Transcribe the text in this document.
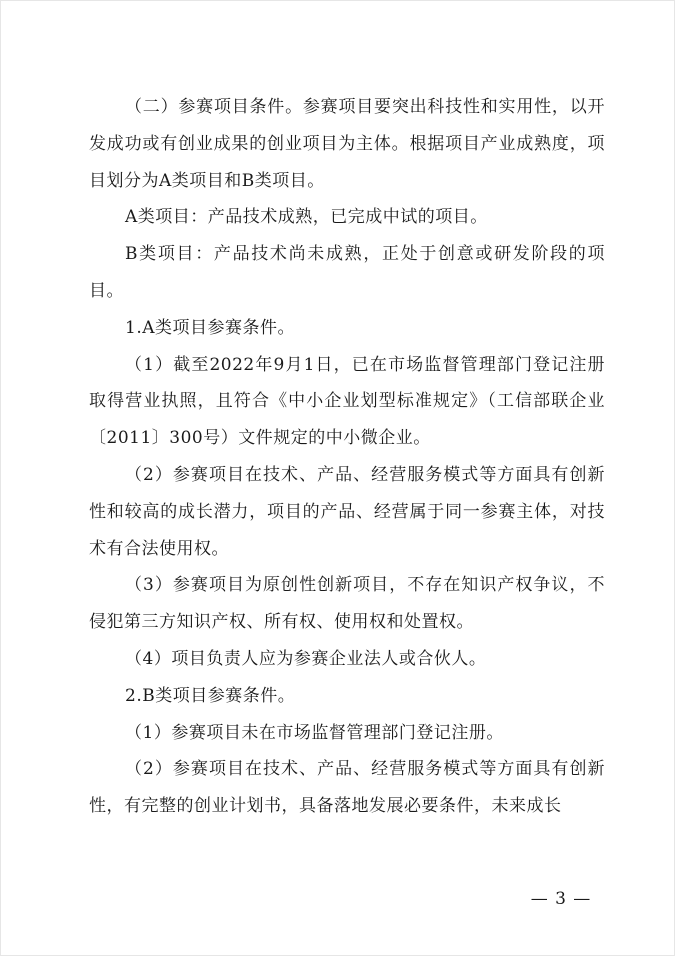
（二）参赛项目条件。参赛项目要突出科技性和实用性，以开发成功或有创业成果的创业项目为主体。根据项目产业成熟度，项目划分为A类项目和B类项目。

A类项目：产品技术成熟，已完成中试的项目。

B类项目：产品技术尚未成熟，正处于创意或研发阶段的项目。

1.A类项目参赛条件。

（1）截至2022年9月1日，已在市场监督管理部门登记注册取得营业执照，且符合《中小企业划型标准规定》（工信部联企业〔2011〕300号）文件规定的中小微企业。

（2）参赛项目在技术、产品、经营服务模式等方面具有创新性和较高的成长潜力，项目的产品、经营属于同一参赛主体，对技术有合法使用权。

（3）参赛项目为原创性创新项目，不存在知识产权争议，不侵犯第三方知识产权、所有权、使用权和处置权。

（4）项目负责人应为参赛企业法人或合伙人。

2.B类项目参赛条件。

（1）参赛项目未在市场监督管理部门登记注册。

（2）参赛项目在技术、产品、经营服务模式等方面具有创新性，有完整的创业计划书，具备落地发展必要条件，未来成长

— 3 —
